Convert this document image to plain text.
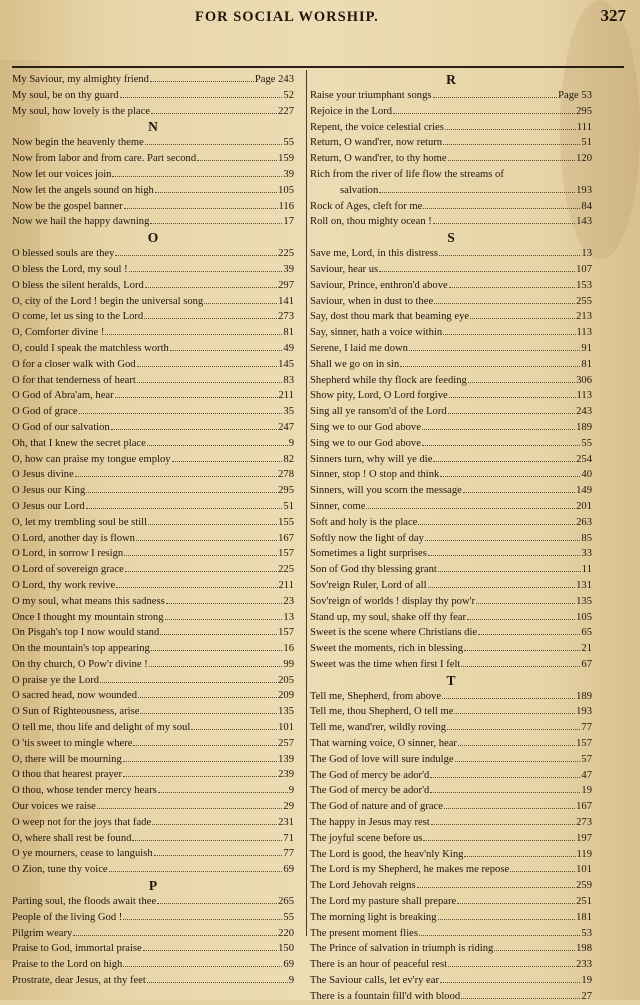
FOR SOCIAL WORSHIP.	327
My Saviour, my almighty friend	Page 243
My soul, be on thy guard	52
My soul, how lovely is the place	227
N
Now begin the heavenly theme	55
Now from labor and from care. Part second	159
Now let our voices join	39
Now let the angels sound on high	105
Now be the gospel banner	116
Now we hail the happy dawning	17
O
O blessed souls are they	225
O bless the Lord, my soul !	39
O bless the silent heralds, Lord	297
O, city of the Lord ! begin the universal song	141
O come, let us sing to the Lord	273
O, Comforter divine !	81
O, could I speak the matchless worth	49
O for a closer walk with God	145
O for that tenderness of heart	83
O God of Abra'am, hear	211
O God of grace	35
O God of our salvation	247
Oh, that I knew the secret place	9
O, how can praise my tongue employ	82
O Jesus divine	278
O Jesus our King	295
O Jesus our Lord	51
O, let my trembling soul be still	155
O Lord, another day is flown	167
O Lord, in sorrow I resign	157
O Lord of sovereign grace	225
O Lord, thy work revive	211
O my soul, what means this sadness	23
Once I thought my mountain strong	13
On Pisgah's top I now would stand	157
On the mountain's top appearing	16
On thy church, O Pow'r divine !	99
O praise ye the Lord	205
O sacred head, now wounded	209
O Sun of Righteousness, arise	135
O tell me, thou life and delight of my soul	101
O 'tis sweet to mingle where	257
O, there will be mourning	139
O thou that hearest prayer	239
O thou, whose tender mercy hears	9
Our voices we raise	29
O weep not for the joys that fade	231
O, where shall rest be found	71
O ye mourners, cease to languish	77
O Zion, tune thy voice	69
P
Parting soul, the floods await thee	265
People of the living God !	55
Pilgrim weary	220
Praise to God, immortal praise	150
Praise to the Lord on high	69
Prostrate, dear Jesus, at thy feet	9
R
Raise your triumphant songs	Page 53
Rejoice in the Lord	295
Repent, the voice celestial cries	111
Return, O wand'rer, now return	51
Return, O wand'rer, to thy home	120
Rich from the river of life flow the streams of
salvation	193
Rock of Ages, cleft for me	84
Roll on, thou mighty ocean !	143
S
Save me, Lord, in this distress	13
Saviour, hear us	107
Saviour, Prince, enthron'd above	153
Saviour, when in dust to thee	255
Say, dost thou mark that beaming eye	213
Say, sinner, hath a voice within	113
Serene, I laid me down	91
Shall we go on in sin	81
Shepherd while thy flock are feeding	306
Show pity, Lord, O Lord forgive	113
Sing all ye ransom'd of the Lord	243
Sing we to our God above	189
Sing we to our God above	55
Sinners turn, why will ye die	254
Sinner, stop ! O stop and think	40
Sinners, will you scorn the message	149
Sinner, come	201
Soft and holy is the place	263
Softly now the light of day	85
Sometimes a light surprises	33
Son of God thy blessing grant	11
Sov'reign Ruler, Lord of all	131
Sov'reign of worlds ! display thy pow'r	135
Stand up, my soul, shake off thy fear	105
Sweet is the scene where Christians die	65
Sweet the moments, rich in blessing	21
Sweet was the time when first I felt	67
T
Tell me, Shepherd, from above	189
Tell me, thou Shepherd, O tell me	193
Tell me, wand'rer, wildly roving	77
That warning voice, O sinner, hear	157
The God of love will sure indulge	57
The God of mercy be ador'd	47
The God of mercy be ador'd	19
The God of nature and of grace	167
The happy in Jesus may rest	273
The joyful scene before us	197
The Lord is good, the heav'nly King	119
The Lord is my Shepherd, he makes me repose	101
The Lord Jehovah reigns	259
The Lord my pasture shall prepare	251
The morning light is breaking	181
The present moment flies	53
The Prince of salvation in triumph is riding	198
There is an hour of peaceful rest	233
The Saviour calls, let ev'ry ear	19
There is a fountain fill'd with blood	27
